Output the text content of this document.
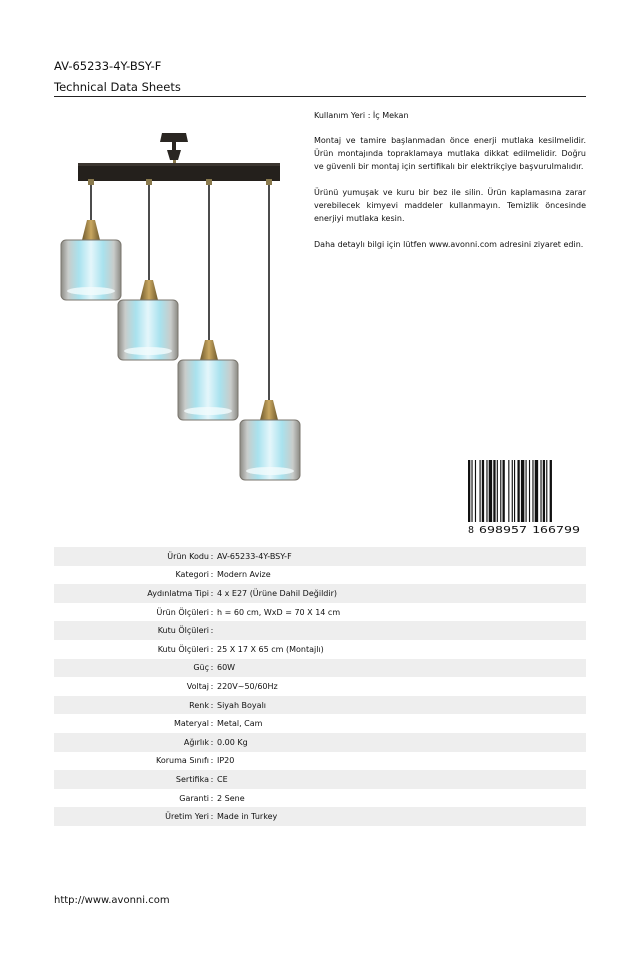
AV-65233-4Y-BSY-F
Technical Data Sheets

Kullanım Yeri : İç Mekan

Montaj ve tamire başlanmadan önce enerji mutlaka kesilmelidir. Ürün montajında topraklamaya mutlaka dikkat edilmelidir. Doğru ve güvenli bir montaj için sertifikalı bir elektrikçiye başvurulmalıdır.

Ürünü yumuşak ve kuru bir bez ile silin. Ürün kaplamasına zarar verebilecek kimyevi maddeler kullanmayın. Temizlik öncesinde enerjiyi mutlaka kesin.

Daha detaylı bilgi için lütfen www.avonni.com adresini ziyaret edin.

8 698957 166799
Ürün Kodu : AV-65233-4Y-BSY-F
Kategori : Modern Avize
Aydınlatma Tipi : 4 x E27 (Ürüne Dahil Değildir)
Ürün Ölçüleri : h = 60 cm, WxD = 70 X 14 cm
Kutu Ölçüleri :
Kutu Ölçüleri : 25 X 17 X 65 cm (Montajlı)
Güç : 60W
Voltaj : 220V~50/60Hz
Renk : Siyah Boyalı
Materyal : Metal, Cam
Ağırlık : 0.00 Kg
Koruma Sınıfı : IP20
Sertifika : CE
Garanti : 2 Sene
Üretim Yeri : Made in Turkey
http://www.avonni.com
